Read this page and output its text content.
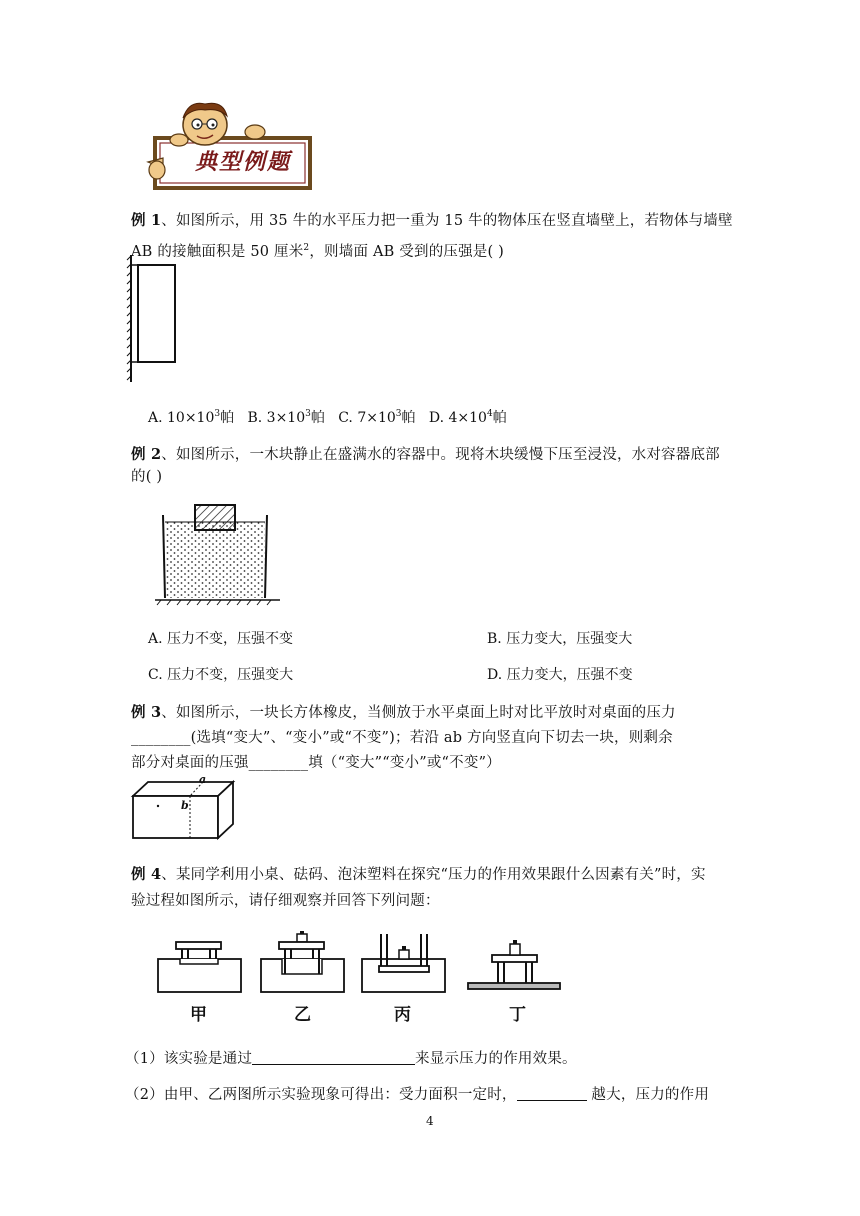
典型例题
例 1、如图所示，用 35 牛的水平压力把一重为 15 牛的物体压在竖直墙壁上，若物体与墙壁
AB 的接触面积是 50 厘米$^2$，则墙面 AB 受到的压强是( )
A. $10\times 10^3$帕 B. $3\times 10^3$帕 C. $7\times 10^3$帕 D. $4\times 10^4$帕
例 2、如图所示，一木块静止在盛满水的容器中。现将木块缓慢下压至浸没，水对容器底部
的( )
A. 压力不变，压强不变	B. 压力变大，压强变大
C. 压力不变，压强变大	D. 压力变大，压强不变
例 3、如图所示，一块长方体橡皮，当侧放于水平桌面上时对比平放时对桌面的压力
________(选填“变大”、“变小”或“不变”)；若沿 ab 方向竖直向下切去一块，则剩余
部分对桌面的压强________填（“变大”“变小”或“不变”）
a
b
例 4、某同学利用小桌、砝码、泡沫塑料在探究“压力的作用效果跟什么因素有关”时，实
验过程如图所示，请仔细观察并回答下列问题：
甲	乙	丙	丁
（1）该实验是通过	来显示压力的作用效果。
（2）由甲、乙两图所示实验现象可得出：受力面积一定时，	越大，压力的作用
4
